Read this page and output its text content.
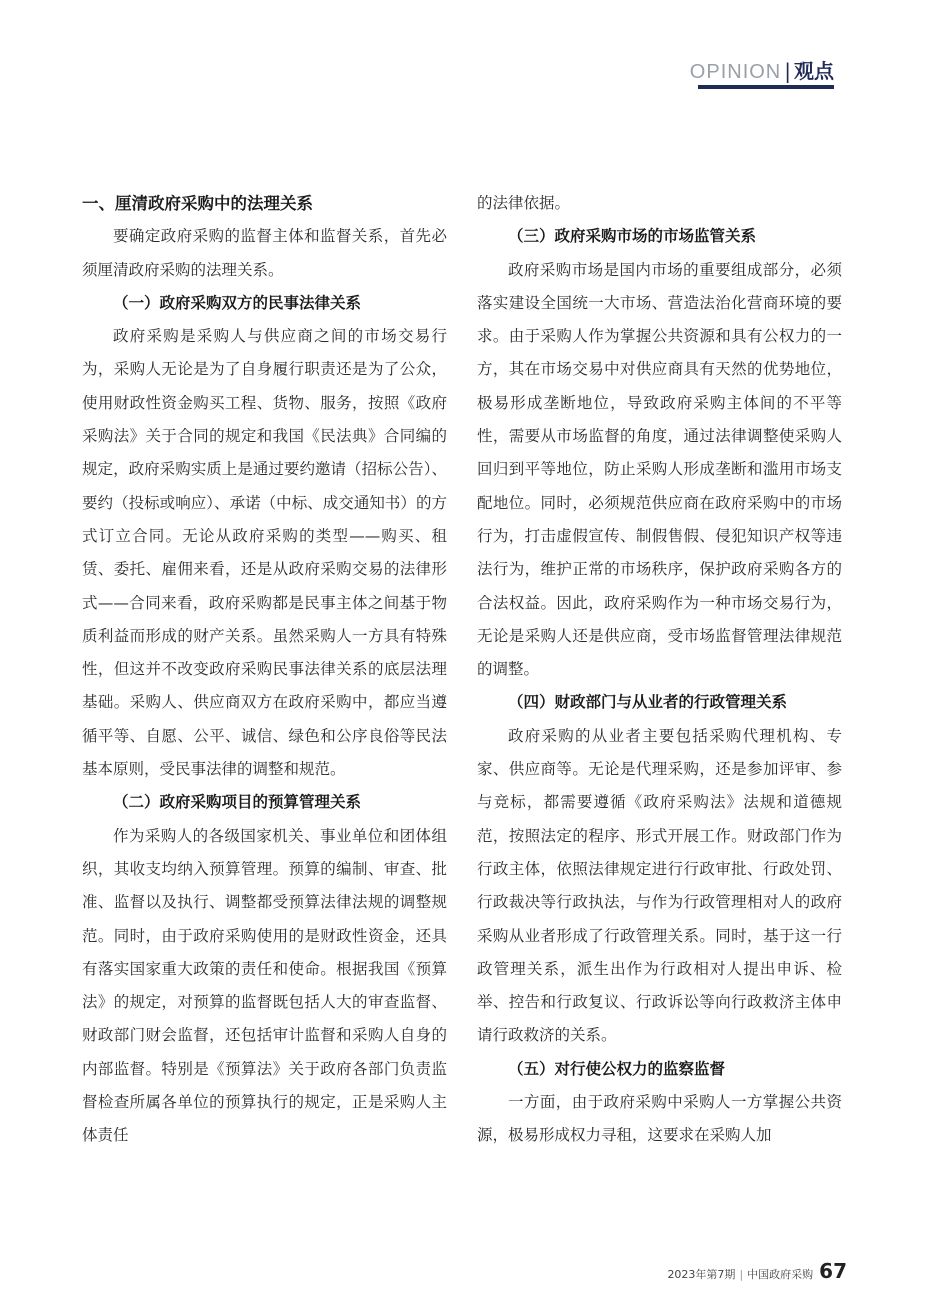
OPINION | 观点
一、厘清政府采购中的法理关系

要确定政府采购的监督主体和监督关系，首先必须厘清政府采购的法理关系。

（一）政府采购双方的民事法律关系

政府采购是采购人与供应商之间的市场交易行为，采购人无论是为了自身履行职责还是为了公众，使用财政性资金购买工程、货物、服务，按照《政府采购法》关于合同的规定和我国《民法典》合同编的规定，政府采购实质上是通过要约邀请（招标公告）、要约（投标或响应）、承诺（中标、成交通知书）的方式订立合同。无论从政府采购的类型——购买、租赁、委托、雇佣来看，还是从政府采购交易的法律形式——合同来看，政府采购都是民事主体之间基于物质利益而形成的财产关系。虽然采购人一方具有特殊性，但这并不改变政府采购民事法律关系的底层法理基础。采购人、供应商双方在政府采购中，都应当遵循平等、自愿、公平、诚信、绿色和公序良俗等民法基本原则，受民事法律的调整和规范。

（二）政府采购项目的预算管理关系

作为采购人的各级国家机关、事业单位和团体组织，其收支均纳入预算管理。预算的编制、审查、批准、监督以及执行、调整都受预算法律法规的调整规范。同时，由于政府采购使用的是财政性资金，还具有落实国家重大政策的责任和使命。根据我国《预算法》的规定，对预算的监督既包括人大的审查监督、财政部门财会监督，还包括审计监督和采购人自身的内部监督。特别是《预算法》关于政府各部门负责监督检查所属各单位的预算执行的规定，正是采购人主体责任

的法律依据。

（三）政府采购市场的市场监管关系

政府采购市场是国内市场的重要组成部分，必须落实建设全国统一大市场、营造法治化营商环境的要求。由于采购人作为掌握公共资源和具有公权力的一方，其在市场交易中对供应商具有天然的优势地位，极易形成垄断地位，导致政府采购主体间的不平等性，需要从市场监督的角度，通过法律调整使采购人回归到平等地位，防止采购人形成垄断和滥用市场支配地位。同时，必须规范供应商在政府采购中的市场行为，打击虚假宣传、制假售假、侵犯知识产权等违法行为，维护正常的市场秩序，保护政府采购各方的合法权益。因此，政府采购作为一种市场交易行为，无论是采购人还是供应商，受市场监督管理法律规范的调整。

（四）财政部门与从业者的行政管理关系

政府采购的从业者主要包括采购代理机构、专家、供应商等。无论是代理采购，还是参加评审、参与竞标，都需要遵循《政府采购法》法规和道德规范，按照法定的程序、形式开展工作。财政部门作为行政主体，依照法律规定进行行政审批、行政处罚、行政裁决等行政执法，与作为行政管理相对人的政府采购从业者形成了行政管理关系。同时，基于这一行政管理关系，派生出作为行政相对人提出申诉、检举、控告和行政复议、行政诉讼等向行政救济主体申请行政救济的关系。

（五）对行使公权力的监察监督

一方面，由于政府采购中采购人一方掌握公共资源，极易形成权力寻租，这要求在采购人加

2023年第7期 | 中国政府采购 67
